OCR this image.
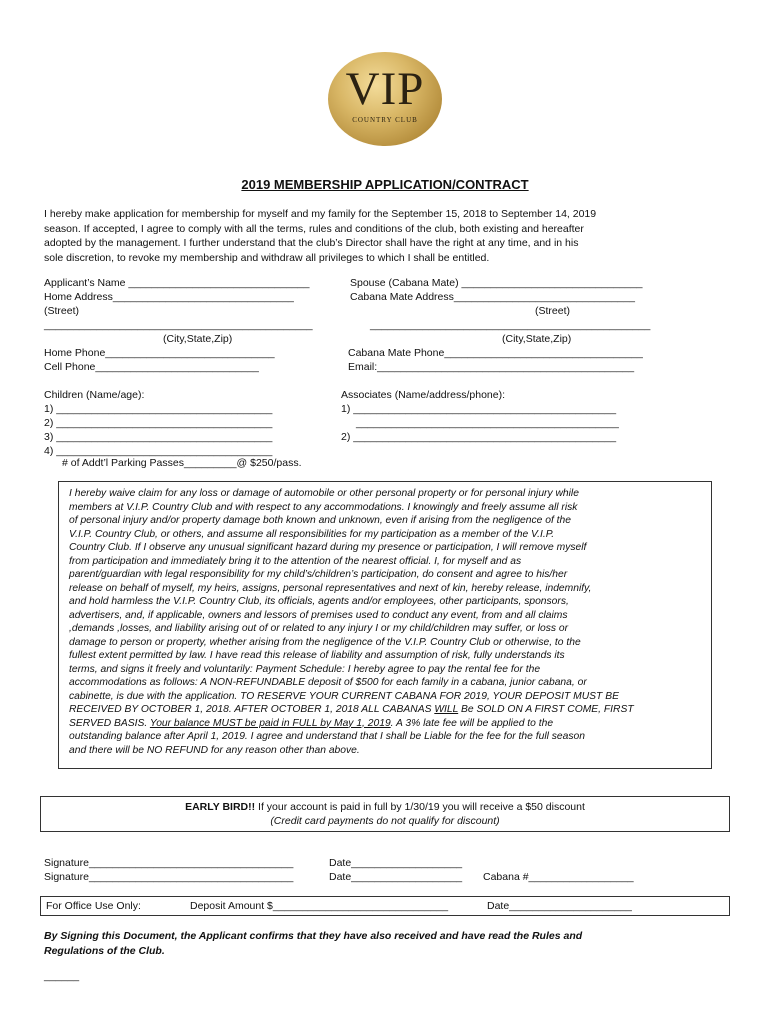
VIP
COUNTRY CLUB
2019 MEMBERSHIP APPLICATION/CONTRACT
I hereby make application for membership for myself and my family for the September 15, 2018 to September 14, 2019
season. If accepted, I agree to comply with all the terms, rules and conditions of the club, both existing and hereafter
adopted by the management. I further understand that the club’s Director shall have the right at any time, and in his
sole discretion, to revoke my membership and withdraw all privileges to which I shall be entitled.
Applicant’s Name _______________________________	Spouse (Cabana Mate) _______________________________
Home Address_______________________________	Cabana Mate Address_______________________________
(Street)	(Street)
______________________________________________	________________________________________________
(City,State,Zip)	(City,State,Zip)
Home Phone_____________________________	Cabana Mate Phone__________________________________
Cell Phone____________________________	Email:____________________________________________
Children (Name/age):	Associates (Name/address/phone):
1) _____________________________________	1) _____________________________________________
2) _____________________________________	_____________________________________________
3) _____________________________________	2) _____________________________________________
4) _____________________________________
# of Addt’l Parking Passes_________@ $250/pass.
I hereby waive claim for any loss or damage of automobile or other personal property or for personal injury while
members at V.I.P. Country Club and with respect to any accommodations. I knowingly and freely assume all risk
of personal injury and/or property damage both known and unknown, even if arising from the negligence of the
V.I.P. Country Club, or others, and assume all responsibilities for my participation as a member of the V.I.P.
Country Club. If I observe any unusual significant hazard during my presence or participation, I will remove myself
from participation and immediately bring it to the attention of the nearest official. I, for myself and as
parent/guardian with legal responsibility for my child’s/children’s participation, do consent and agree to his/her
release on behalf of myself, my heirs, assigns, personal representatives and next of kin, hereby release, indemnify,
and hold harmless the V.I.P. Country Club, its officials, agents and/or employees, other participants, sponsors,
advertisers, and, if applicable, owners and lessors of premises used to conduct any event, from and all claims
,demands ,losses, and liability arising out of or related to any injury I or my child/children may suffer, or loss or
damage to person or property, whether arising from the negligence of the V.I.P. Country Club or otherwise, to the
fullest extent permitted by law. I have read this release of liability and assumption of risk, fully understands its
terms, and signs it freely and voluntarily: Payment Schedule: I hereby agree to pay the rental fee for the
accommodations as follows: A NON-REFUNDABLE deposit of $500 for each family in a cabana, junior cabana, or
cabinette, is due with the application. TO RESERVE YOUR CURRENT CABANA FOR 2019, YOUR DEPOSIT MUST BE
RECEIVED BY OCTOBER 1, 2018. AFTER OCTOBER 1, 2018 ALL CABANAS WILL Be SOLD ON A FIRST COME, FIRST
SERVED BASIS. Your balance MUST be paid in FULL by May 1, 2019. A 3% late fee will be applied to the
outstanding balance after April 1, 2019. I agree and understand that I shall be Liable for the fee for the full season
and there will be NO REFUND for any reason other than above.
EARLY BIRD!! If your account is paid in full by 1/30/19 you will receive a $50 discount
(Credit card payments do not qualify for discount)
Signature___________________________________	Date___________________
Signature___________________________________	Date___________________ Cabana #__________________
For Office Use Only:	Deposit Amount $______________________________	Date_____________________
By Signing this Document, the Applicant confirms that they have also received and have read the Rules and
Regulations of the Club.
______
